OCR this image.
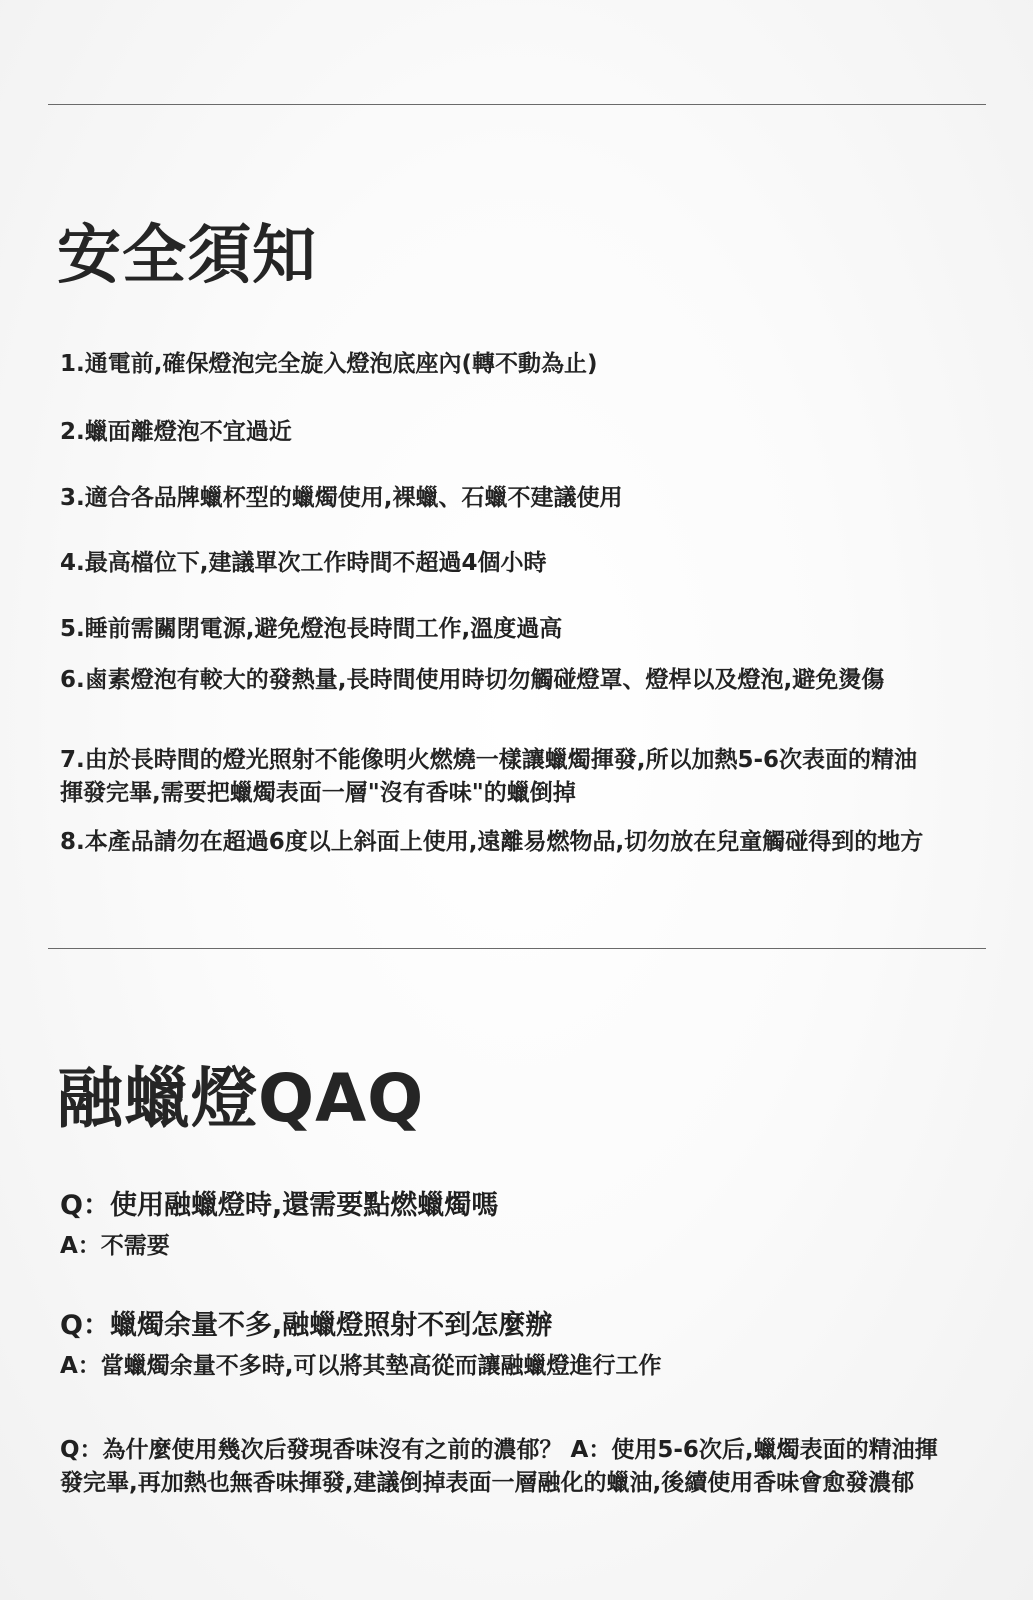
安全須知

1.通電前,確保燈泡完全旋入燈泡底座內(轉不動為止)

2.蠟面離燈泡不宜過近

3.適合各品牌蠟杯型的蠟燭使用,裸蠟、石蠟不建議使用

4.最高檔位下,建議單次工作時間不超過4個小時

5.睡前需關閉電源,避免燈泡長時間工作,溫度過高

6.鹵素燈泡有較大的發熱量,長時間使用時切勿觸碰燈罩、燈桿以及燈泡,避免燙傷

7.由於長時間的燈光照射不能像明火燃燒一樣讓蠟燭揮發,所以加熱5-6次表面的精油揮發完畢,需要把蠟燭表面一層"沒有香味"的蠟倒掉

8.本產品請勿在超過6度以上斜面上使用,遠離易燃物品,切勿放在兒童觸碰得到的地方

融蠟燈QAQ

Q：使用融蠟燈時,還需要點燃蠟燭嗎

A：不需要

Q：蠟燭余量不多,融蠟燈照射不到怎麼辦

A：當蠟燭余量不多時,可以將其墊高從而讓融蠟燈進行工作

Q：為什麼使用幾次后發現香味沒有之前的濃郁？ A：使用5-6次后,蠟燭表面的精油揮發完畢,再加熱也無香味揮發,建議倒掉表面一層融化的蠟油,後續使用香味會愈發濃郁
